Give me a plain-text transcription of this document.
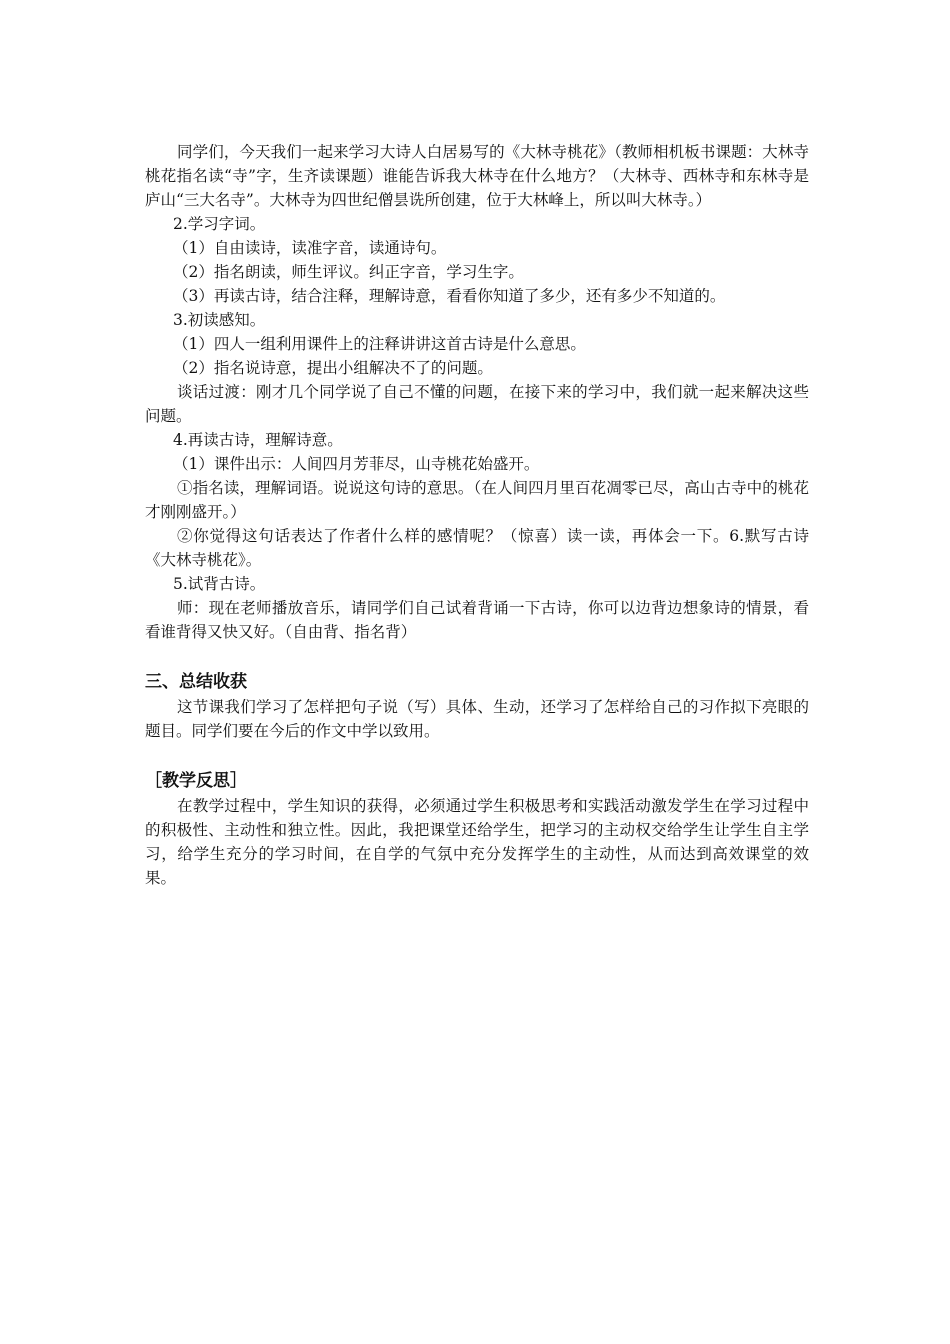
同学们，今天我们一起来学习大诗人白居易写的《大林寺桃花》（教师相机板书课题：大林寺桃花指名读“寺”字，生齐读课题）谁能告诉我大林寺在什么地方？（大林寺、西林寺和东林寺是庐山“三大名寺”。大林寺为四世纪僧昙诜所创建，位于大林峰上，所以叫大林寺。）

2.学习字词。

（1）自由读诗，读准字音，读通诗句。

（2）指名朗读，师生评议。纠正字音，学习生字。

（3）再读古诗，结合注释，理解诗意，看看你知道了多少，还有多少不知道的。

3.初读感知。

（1）四人一组利用课件上的注释讲讲这首古诗是什么意思。

（2）指名说诗意，提出小组解决不了的问题。

谈话过渡：刚才几个同学说了自己不懂的问题，在接下来的学习中，我们就一起来解决这些问题。

4.再读古诗，理解诗意。

（1）课件出示：人间四月芳菲尽，山寺桃花始盛开。

①指名读，理解词语。说说这句诗的意思。（在人间四月里百花凋零已尽，高山古寺中的桃花才刚刚盛开。）

②你觉得这句话表达了作者什么样的感情呢？（惊喜）读一读，再体会一下。6.默写古诗《大林寺桃花》。

5.试背古诗。

师：现在老师播放音乐，请同学们自己试着背诵一下古诗，你可以边背边想象诗的情景，看看谁背得又快又好。（自由背、指名背）

三、总结收获

这节课我们学习了怎样把句子说（写）具体、生动，还学习了怎样给自己的习作拟下亮眼的题目。同学们要在今后的作文中学以致用。

［教学反思］

在教学过程中，学生知识的获得，必须通过学生积极思考和实践活动激发学生在学习过程中的积极性、主动性和独立性。因此，我把课堂还给学生，把学习的主动权交给学生让学生自主学习，给学生充分的学习时间，在自学的气氛中充分发挥学生的主动性，从而达到高效课堂的效果。
